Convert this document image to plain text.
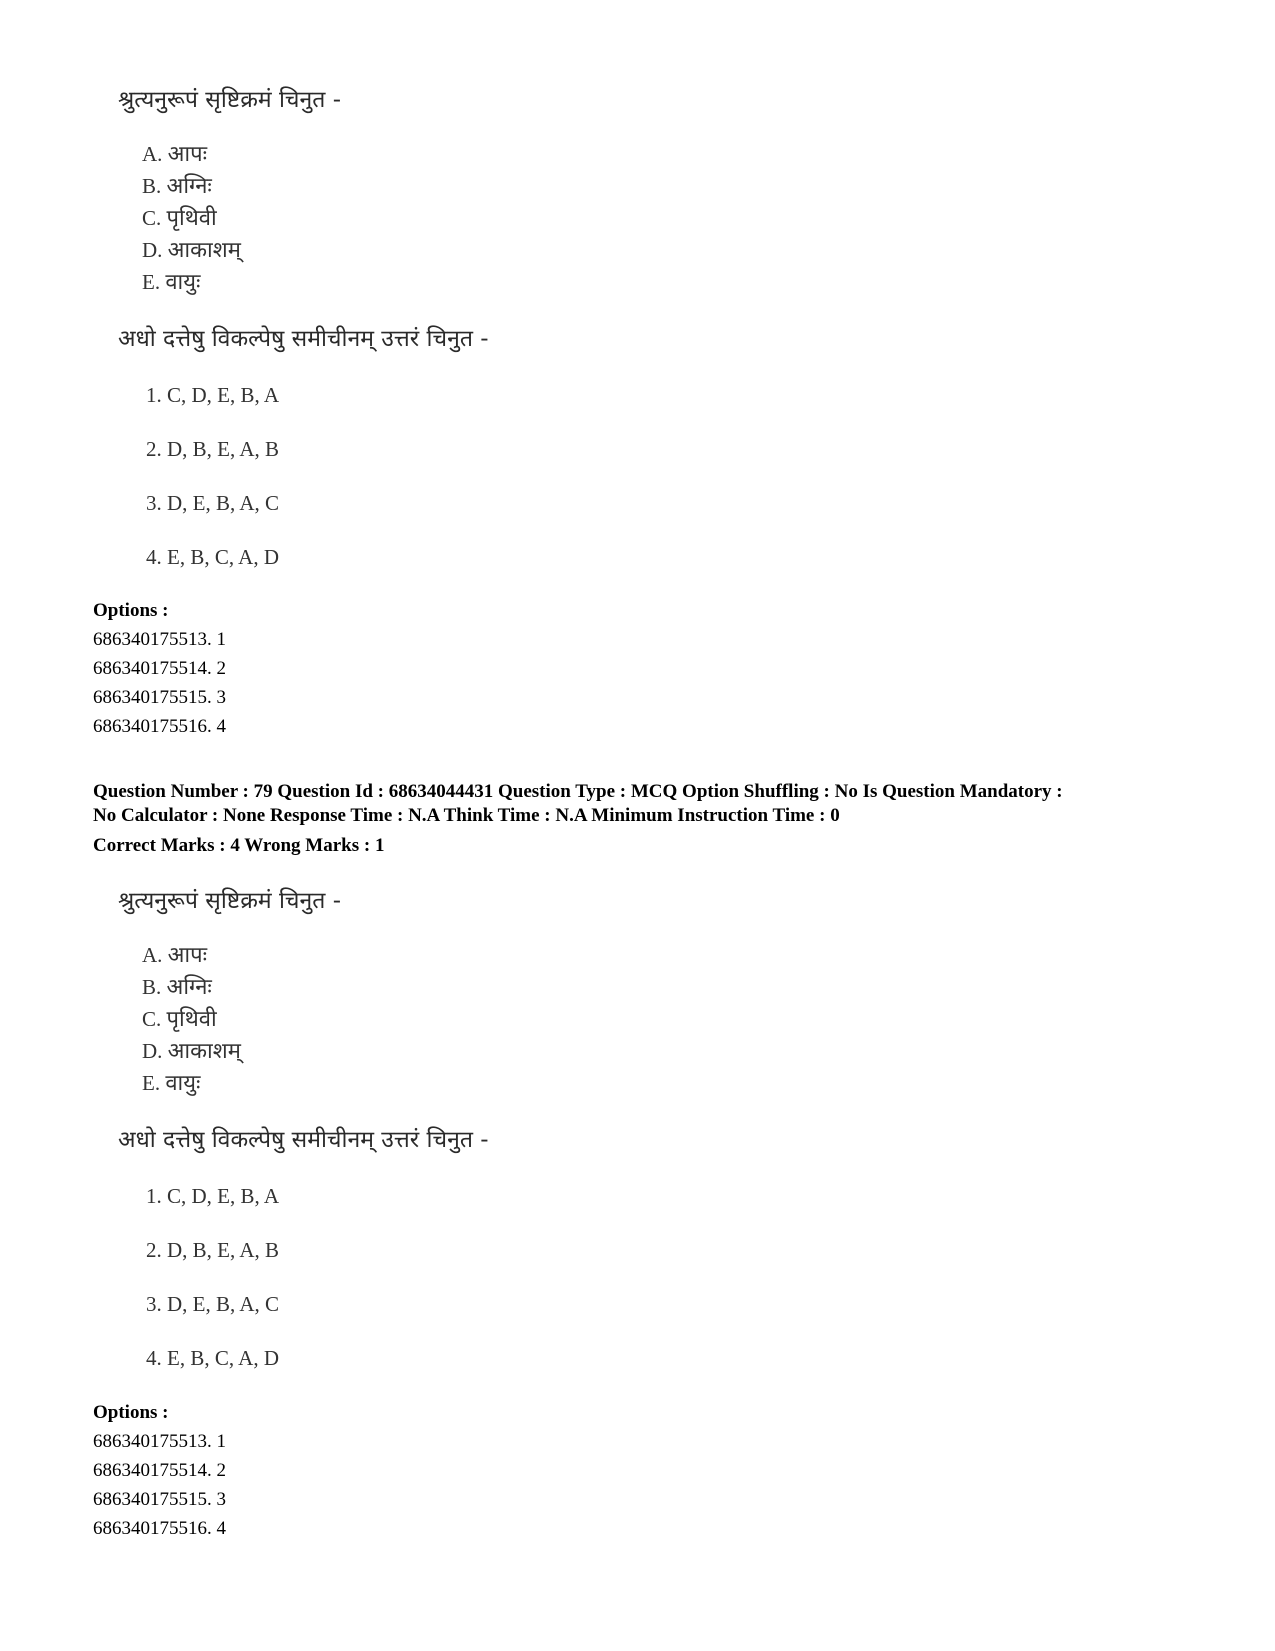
श्रुत्यनुरूपं सृष्टिक्रमं चिनुत -
A. आपः
B. अग्निः
C. पृथिवी
D. आकाशम्
E. वायुः
अधो दत्तेषु विकल्पेषु समीचीनम् उत्तरं चिनुत -
1. C, D, E, B, A
2. D, B, E, A, B
3. D, E, B, A, C
4. E, B, C, A, D
Options :
686340175513. 1
686340175514. 2
686340175515. 3
686340175516. 4
Question Number : 79 Question Id : 68634044431 Question Type : MCQ Option Shuffling : No Is Question Mandatory :
No Calculator : None Response Time : N.A Think Time : N.A Minimum Instruction Time : 0
Correct Marks : 4 Wrong Marks : 1
श्रुत्यनुरूपं सृष्टिक्रमं चिनुत -
A. आपः
B. अग्निः
C. पृथिवी
D. आकाशम्
E. वायुः
अधो दत्तेषु विकल्पेषु समीचीनम् उत्तरं चिनुत -
1. C, D, E, B, A
2. D, B, E, A, B
3. D, E, B, A, C
4. E, B, C, A, D
Options :
686340175513. 1
686340175514. 2
686340175515. 3
686340175516. 4
